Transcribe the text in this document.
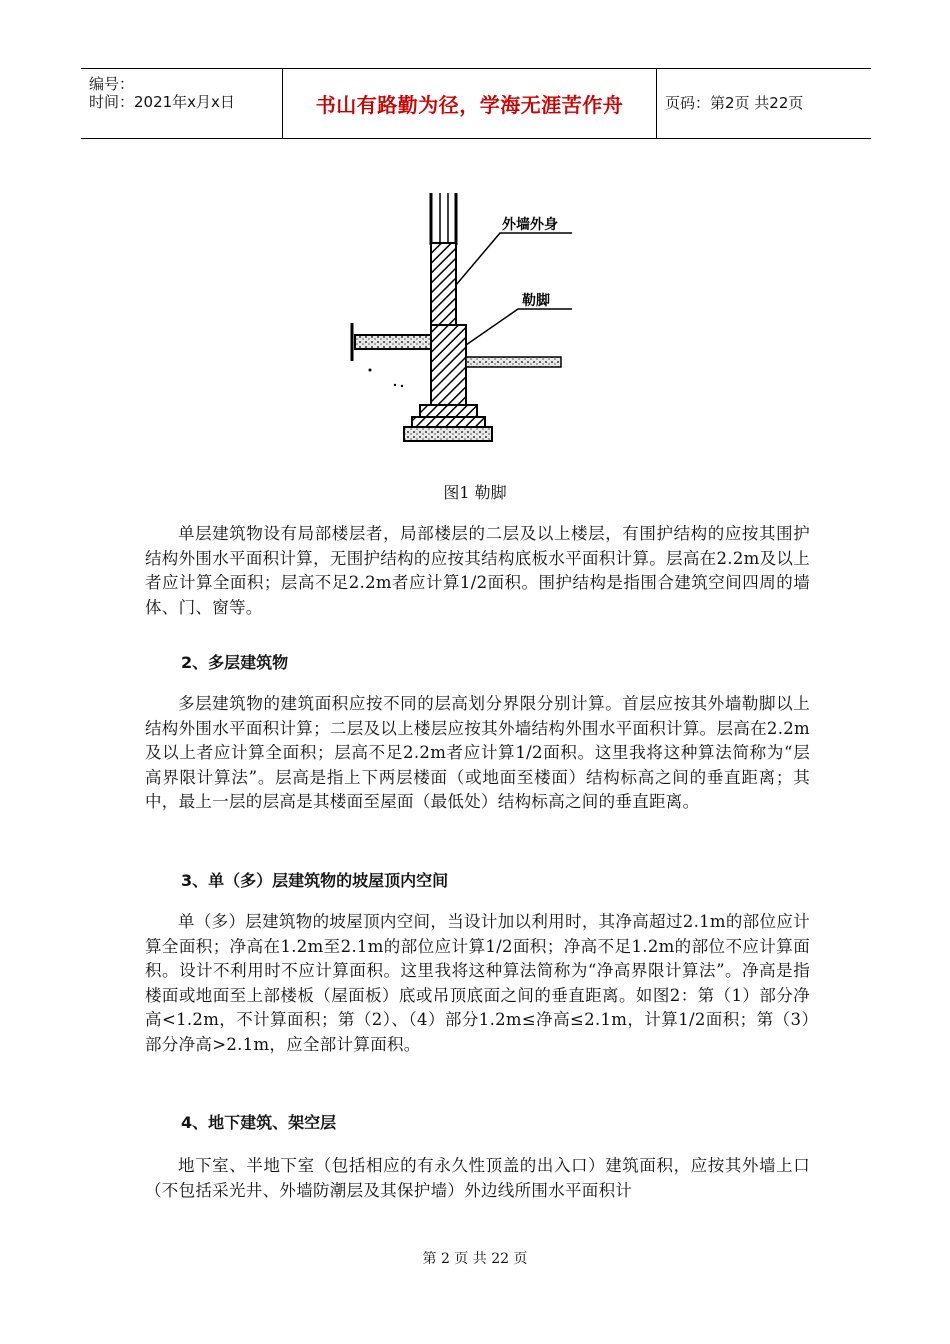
编号：
时间：2021年x月x日	书山有路勤为径，学海无涯苦作舟	页码：第2页 共22页
外墙外身
勒脚
图1 勒脚

单层建筑物设有局部楼层者，局部楼层的二层及以上楼层，有围护结构的应按其围护结构外围水平面积计算，无围护结构的应按其结构底板水平面积计算。层高在2.2m及以上者应计算全面积；层高不足2.2m者应计算1/2面积。围护结构是指围合建筑空间四周的墙体、门、窗等。

2、多层建筑物

多层建筑物的建筑面积应按不同的层高划分界限分别计算。首层应按其外墙勒脚以上结构外围水平面积计算；二层及以上楼层应按其外墙结构外围水平面积计算。层高在2.2m及以上者应计算全面积；层高不足2.2m者应计算1/2面积。这里我将这种算法简称为“层高界限计算法”。层高是指上下两层楼面（或地面至楼面）结构标高之间的垂直距离；其中，最上一层的层高是其楼面至屋面（最低处）结构标高之间的垂直距离。

3、单（多）层建筑物的坡屋顶内空间

单（多）层建筑物的坡屋顶内空间，当设计加以利用时，其净高超过2.1m的部位应计算全面积；净高在1.2m至2.1m的部位应计算1/2面积；净高不足1.2m的部位不应计算面积。设计不利用时不应计算面积。这里我将这种算法简称为“净高界限计算法”。净高是指楼面或地面至上部楼板（屋面板）底或吊顶底面之间的垂直距离。如图2：第（1）部分净高<1.2m，不计算面积；第（2）、（4）部分1.2m≤净高≤2.1m，计算1/2面积；第（3）部分净高>2.1m，应全部计算面积。

4、地下建筑、架空层

地下室、半地下室（包括相应的有永久性顶盖的出入口）建筑面积，应按其外墙上口（不包括采光井、外墙防潮层及其保护墙）外边线所围水平面积计

第 2 页 共 22 页
